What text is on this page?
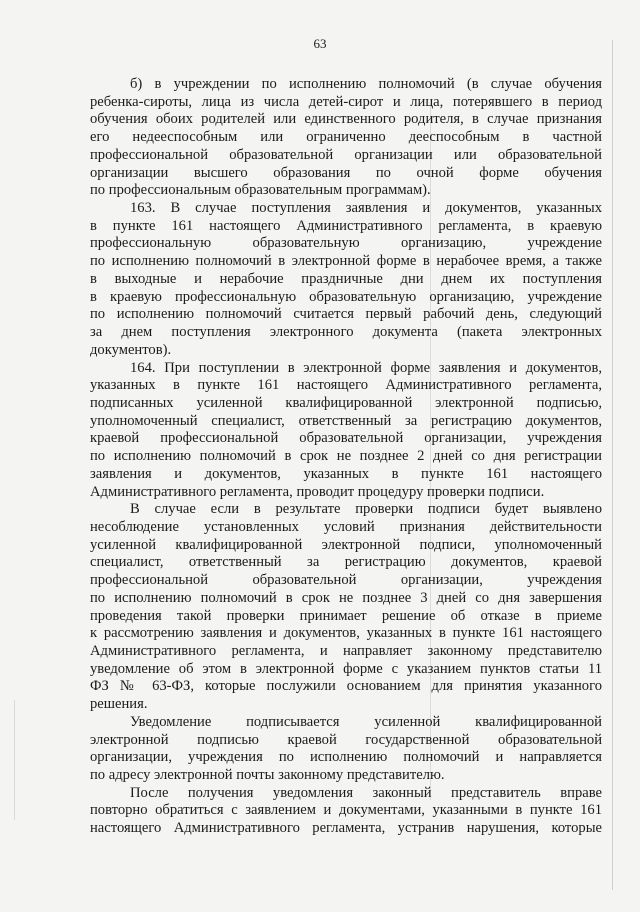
63
б) в учреждении по исполнению полномочий (в случае обучения
ребенка-сироты, лица из числа детей-сирот и лица, потерявшего в период
обучения обоих родителей или единственного родителя, в случае признания
его недееспособным или ограниченно дееспособным в частной
профессиональной образовательной организации или образовательной
организации высшего образования по очной форме обучения
по профессиональным образовательным программам).
163. В случае поступления заявления и документов, указанных
в пункте 161 настоящего Административного регламента, в краевую
профессиональную образовательную организацию, учреждение
по исполнению полномочий в электронной форме в нерабочее время, а также
в выходные и нерабочие праздничные дни днем их поступления
в краевую профессиональную образовательную организацию, учреждение
по исполнению полномочий считается первый рабочий день, следующий
за днем поступления электронного документа (пакета электронных
документов).
164. При поступлении в электронной форме заявления и документов,
указанных в пункте 161 настоящего Административного регламента,
подписанных усиленной квалифицированной электронной подписью,
уполномоченный специалист, ответственный за регистрацию документов,
краевой профессиональной образовательной организации, учреждения
по исполнению полномочий в срок не позднее 2 дней со дня регистрации
заявления и документов, указанных в пункте 161 настоящего
Административного регламента, проводит процедуру проверки подписи.
В случае если в результате проверки подписи будет выявлено
несоблюдение установленных условий признания действительности
усиленной квалифицированной электронной подписи, уполномоченный
специалист, ответственный за регистрацию документов, краевой
профессиональной образовательной организации, учреждения
по исполнению полномочий в срок не позднее 3 дней со дня завершения
проведения такой проверки принимает решение об отказе в приеме
к рассмотрению заявления и документов, указанных в пункте 161 настоящего
Административного регламента, и направляет законному представителю
уведомление об этом в электронной форме с указанием пунктов статьи 11
ФЗ № 63-ФЗ, которые послужили основанием для принятия указанного
решения.
Уведомление подписывается усиленной квалифицированной
электронной подписью краевой государственной образовательной
организации, учреждения по исполнению полномочий и направляется
по адресу электронной почты законному представителю.
После получения уведомления законный представитель вправе
повторно обратиться с заявлением и документами, указанными в пункте 161
настоящего Административного регламента, устранив нарушения, которые
